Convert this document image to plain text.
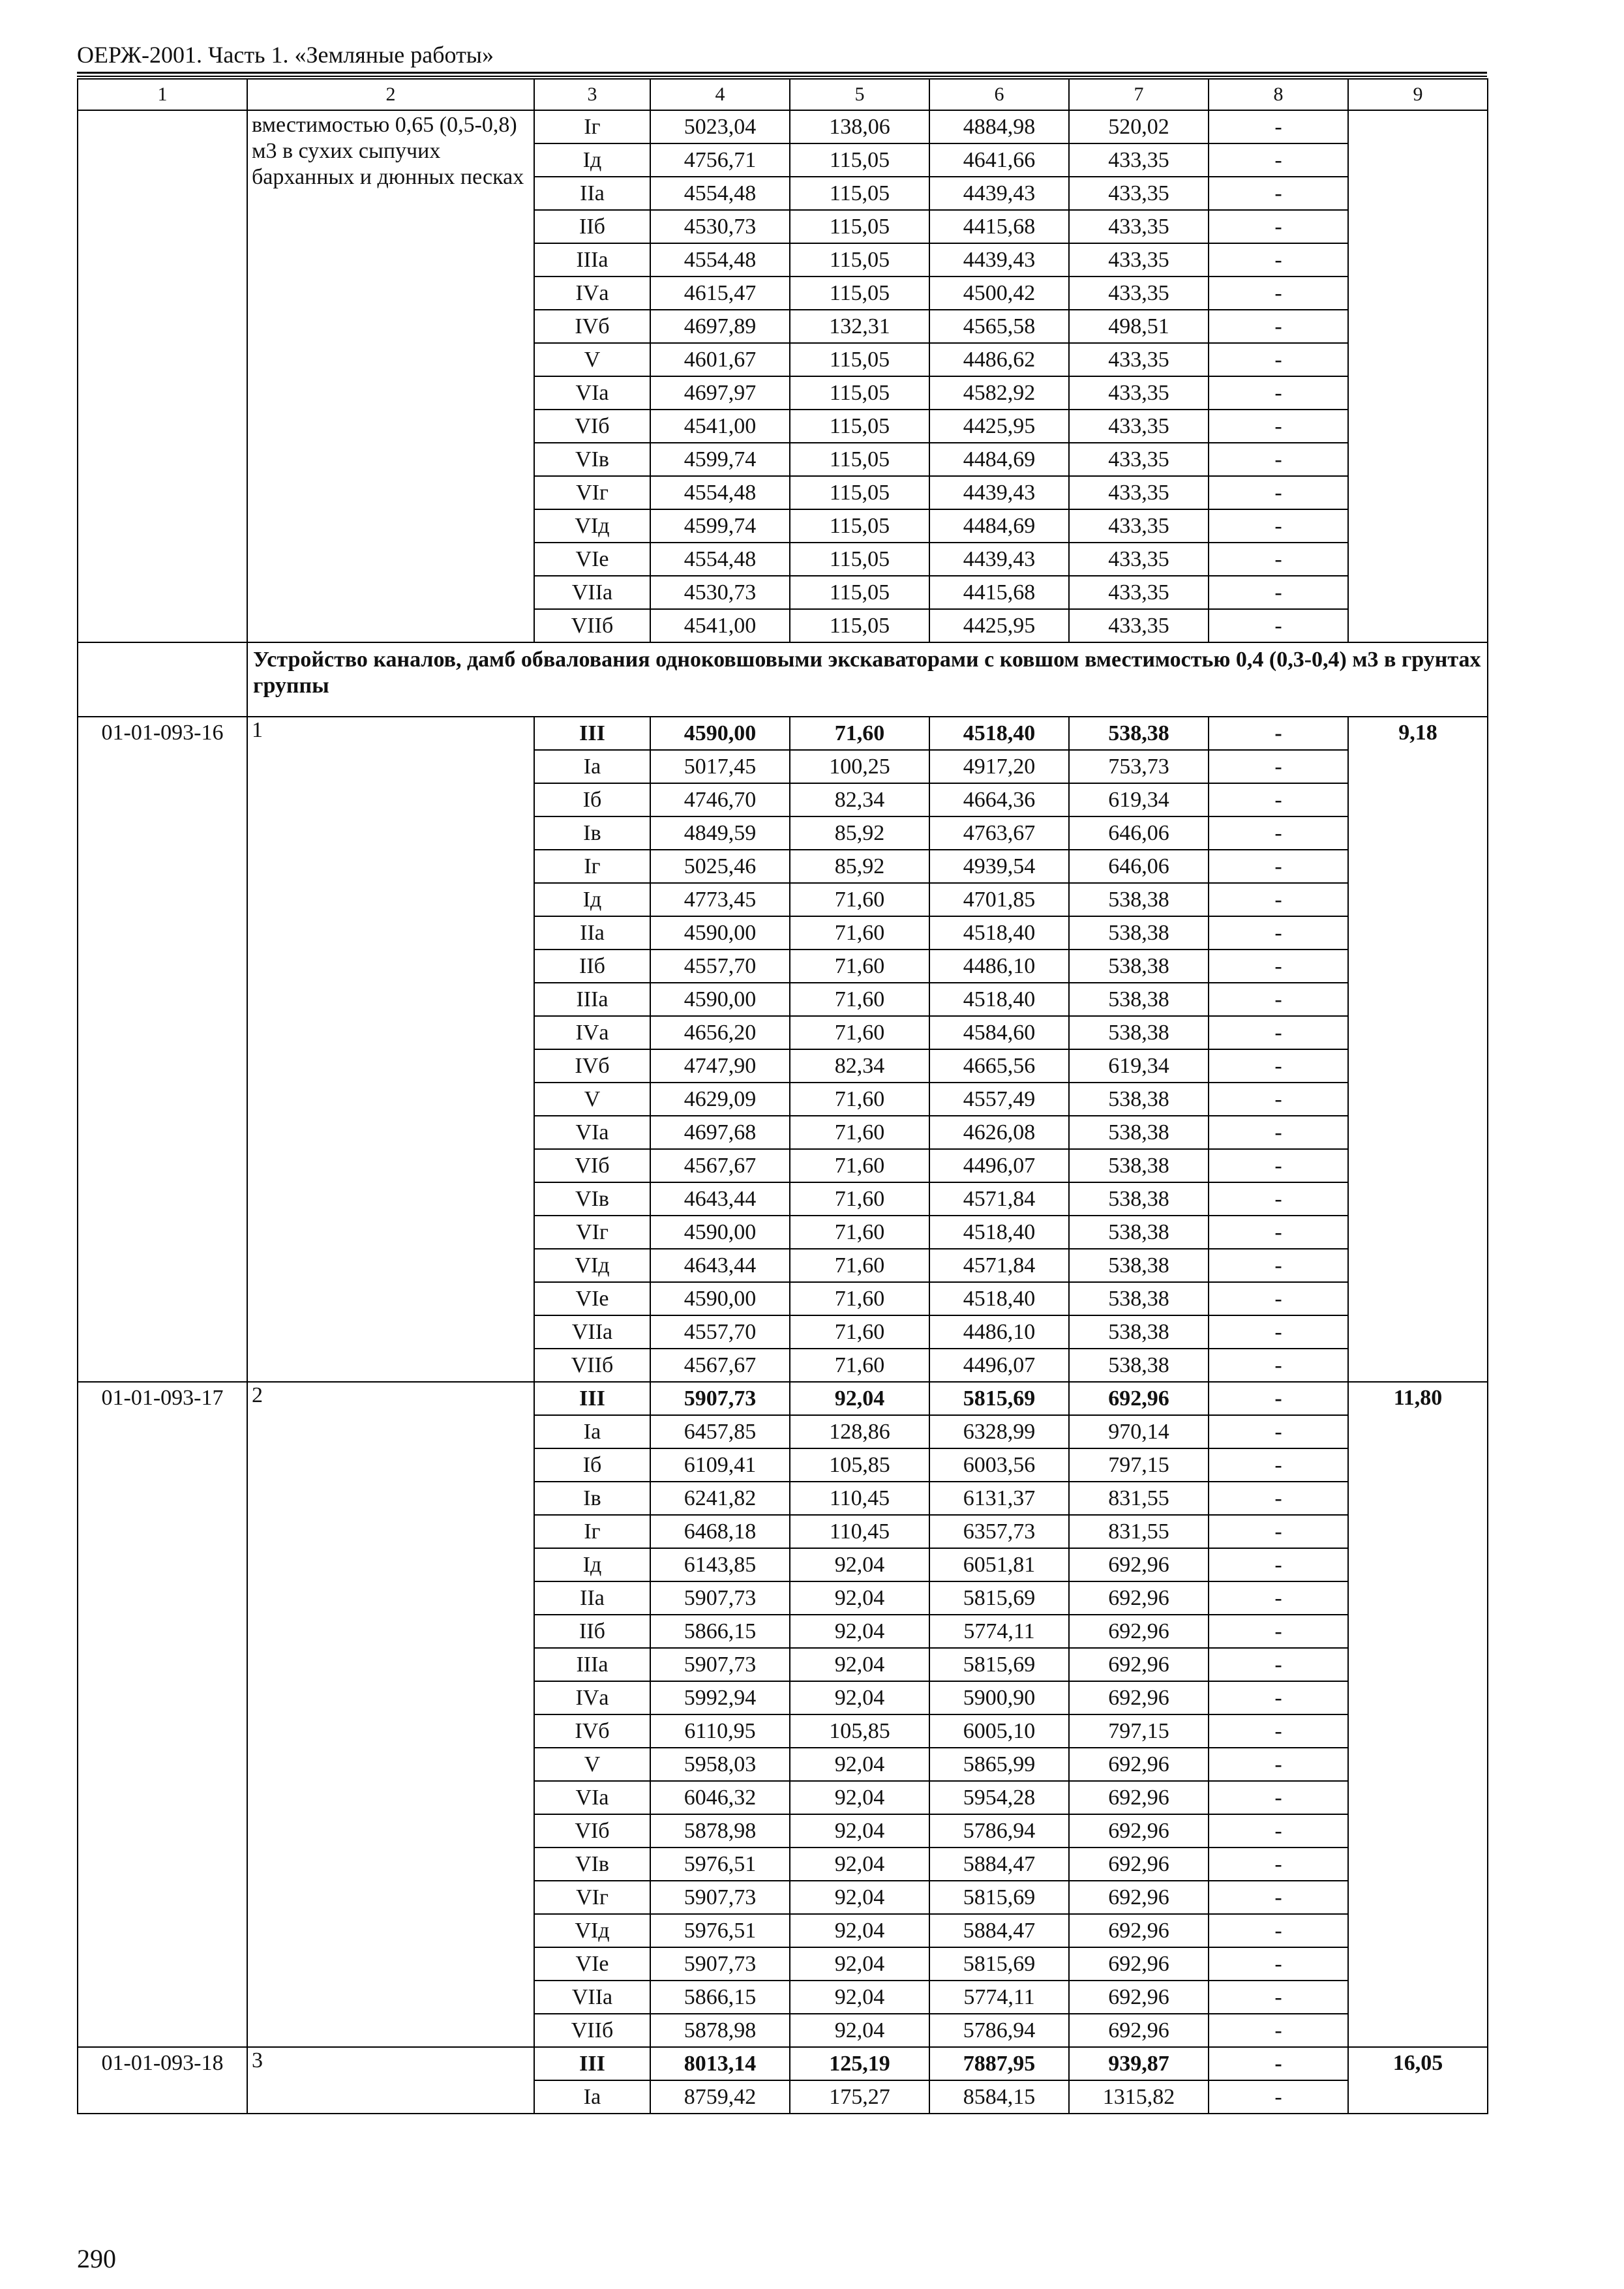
ОЕРЖ-2001. Часть 1. «Земляные работы»
1	2	3	4	5	6	7	8	9
	вместимостью 0,65 (0,5-0,8) м3 в сухих сыпучих барханных и дюнных песках	Iг	5023,04	138,06	4884,98	520,02	-	
		Iд	4756,71	115,05	4641,66	433,35	-	
		IIа	4554,48	115,05	4439,43	433,35	-	
		IIб	4530,73	115,05	4415,68	433,35	-	
		IIIа	4554,48	115,05	4439,43	433,35	-	
		IVа	4615,47	115,05	4500,42	433,35	-	
		IVб	4697,89	132,31	4565,58	498,51	-	
		V	4601,67	115,05	4486,62	433,35	-	
		VIа	4697,97	115,05	4582,92	433,35	-	
		VIб	4541,00	115,05	4425,95	433,35	-	
		VIв	4599,74	115,05	4484,69	433,35	-	
		VIг	4554,48	115,05	4439,43	433,35	-	
		VIд	4599,74	115,05	4484,69	433,35	-	
		VIе	4554,48	115,05	4439,43	433,35	-	
		VIIа	4530,73	115,05	4415,68	433,35	-	
		VIIб	4541,00	115,05	4425,95	433,35	-	
	Устройство каналов, дамб обвалования одноковшовыми экскаваторами с ковшом вместимостью 0,4 (0,3-0,4) м3 в грунтах группы							
01-01-093-16	1	III	4590,00	71,60	4518,40	538,38	-	9,18
		Iа	5017,45	100,25	4917,20	753,73	-	
		Iб	4746,70	82,34	4664,36	619,34	-	
		Iв	4849,59	85,92	4763,67	646,06	-	
		Iг	5025,46	85,92	4939,54	646,06	-	
		Iд	4773,45	71,60	4701,85	538,38	-	
		IIа	4590,00	71,60	4518,40	538,38	-	
		IIб	4557,70	71,60	4486,10	538,38	-	
		IIIа	4590,00	71,60	4518,40	538,38	-	
		IVа	4656,20	71,60	4584,60	538,38	-	
		IVб	4747,90	82,34	4665,56	619,34	-	
		V	4629,09	71,60	4557,49	538,38	-	
		VIа	4697,68	71,60	4626,08	538,38	-	
		VIб	4567,67	71,60	4496,07	538,38	-	
		VIв	4643,44	71,60	4571,84	538,38	-	
		VIг	4590,00	71,60	4518,40	538,38	-	
		VIд	4643,44	71,60	4571,84	538,38	-	
		VIе	4590,00	71,60	4518,40	538,38	-	
		VIIа	4557,70	71,60	4486,10	538,38	-	
		VIIб	4567,67	71,60	4496,07	538,38	-	
01-01-093-17	2	III	5907,73	92,04	5815,69	692,96	-	11,80
		Iа	6457,85	128,86	6328,99	970,14	-	
		Iб	6109,41	105,85	6003,56	797,15	-	
		Iв	6241,82	110,45	6131,37	831,55	-	
		Iг	6468,18	110,45	6357,73	831,55	-	
		Iд	6143,85	92,04	6051,81	692,96	-	
		IIа	5907,73	92,04	5815,69	692,96	-	
		IIб	5866,15	92,04	5774,11	692,96	-	
		IIIа	5907,73	92,04	5815,69	692,96	-	
		IVа	5992,94	92,04	5900,90	692,96	-	
		IVб	6110,95	105,85	6005,10	797,15	-	
		V	5958,03	92,04	5865,99	692,96	-	
		VIа	6046,32	92,04	5954,28	692,96	-	
		VIб	5878,98	92,04	5786,94	692,96	-	
		VIв	5976,51	92,04	5884,47	692,96	-	
		VIг	5907,73	92,04	5815,69	692,96	-	
		VIд	5976,51	92,04	5884,47	692,96	-	
		VIе	5907,73	92,04	5815,69	692,96	-	
		VIIа	5866,15	92,04	5774,11	692,96	-	
		VIIб	5878,98	92,04	5786,94	692,96	-	
01-01-093-18	3	III	8013,14	125,19	7887,95	939,87	-	16,05
		Iа	8759,42	175,27	8584,15	1315,82	-	
290
